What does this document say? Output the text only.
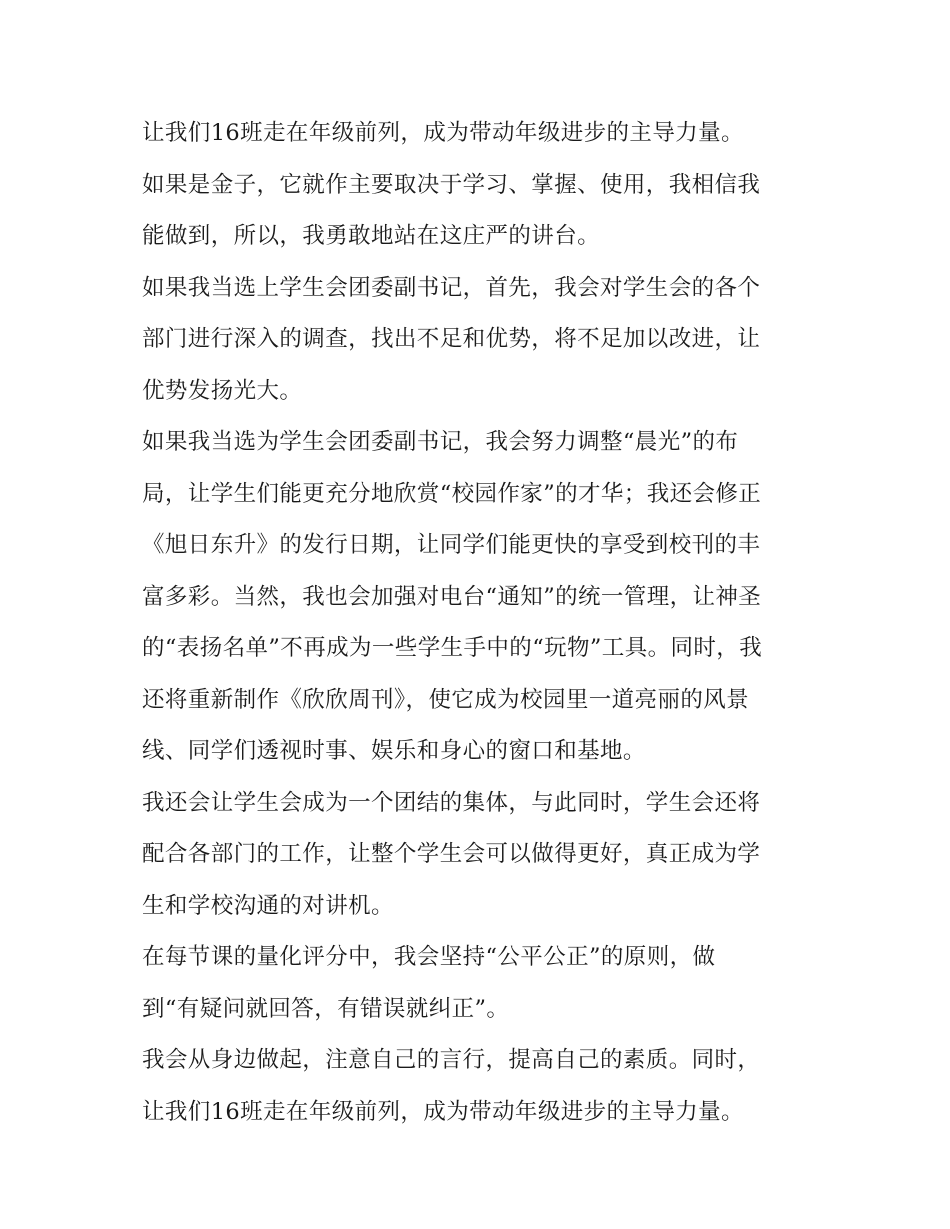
让我们16班走在年级前列，成为带动年级进步的主导力量。
如果是金子，它就作主要取决于学习、掌握、使用，我相信我
能做到，所以，我勇敢地站在这庄严的讲台。
如果我当选上学生会团委副书记，首先，我会对学生会的各个
部门进行深入的调查，找出不足和优势，将不足加以改进，让
优势发扬光大。
如果我当选为学生会团委副书记，我会努力调整“晨光”的布
局，让学生们能更充分地欣赏“校园作家”的才华；我还会修正
《旭日东升》的发行日期，让同学们能更快的享受到校刊的丰
富多彩。当然，我也会加强对电台“通知”的统一管理，让神圣
的“表扬名单”不再成为一些学生手中的“玩物”工具。同时，我
还将重新制作《欣欣周刊》，使它成为校园里一道亮丽的风景
线、同学们透视时事、娱乐和身心的窗口和基地。
我还会让学生会成为一个团结的集体，与此同时，学生会还将
配合各部门的工作，让整个学生会可以做得更好，真正成为学
生和学校沟通的对讲机。
在每节课的量化评分中，我会坚持“公平公正”的原则，做
到“有疑问就回答，有错误就纠正”。
我会从身边做起，注意自己的言行，提高自己的素质。同时，
让我们16班走在年级前列，成为带动年级进步的主导力量。
